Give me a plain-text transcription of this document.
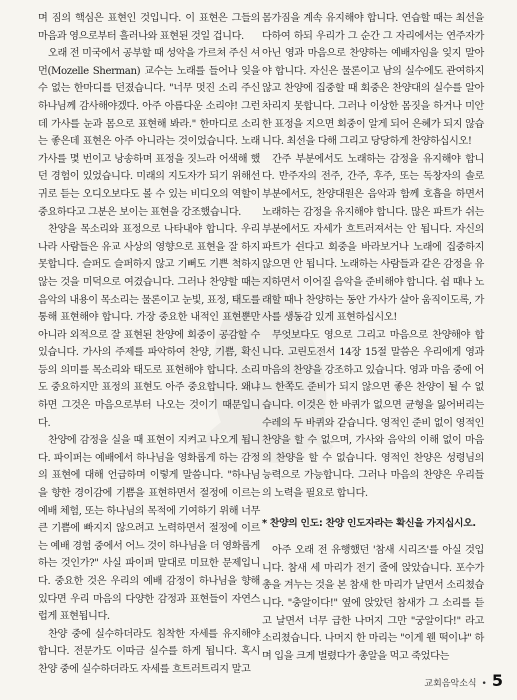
며 짐의 핵심은 표현인 것입니다. 이 표현은 그들의 마음과 영으로부터 흘러나와 표현된 것일 겁니다.

오래 전 미국에서 공부할 때 성악을 가르쳐 주신 셔먼(Mozelle Sherman) 교수는 노래를 들어나 잊을 수 없는 한마디를 던졌습니다. "너무 멋진 소리 주신 하나님께 감사해야겠다. 아주 아름다운 소리야! 그런데 가사를 눈과 몸으로 표현해 봐라." 한마디로 소리는 좋은데 표현은 아주 아니라는 것이었습니다. 노래 가사를 몇 번이고 낭송하며 표정을 짓느라 어색해 했던 경험이 있었습니다. 미래의 지도자가 되기 위해선 귀로 듣는 오디오보다도 볼 수 있는 비디오의 역할이 중요하다고 그분은 보이는 표현을 강조했습니다.

찬양을 목소리와 표정으로 나타내야 합니다. 우리 나라 사람들은 유교 사상의 영향으로 표현을 잘 하지 못합니다. 슬퍼도 슬퍼하지 않고 기뻐도 기쁜 척하지 않는 것을 미덕으로 여겼습니다. 그러나 찬양할 때는 음악의 내용이 목소리는 물론이고 눈빛, 표정, 태도를 통해 표현해야 합니다. 가장 중요한 내적인 표현뿐만 아니라 외적으로 잘 표현된 찬양에 회중이 공감할 수 있습니다. 가사의 주제를 파악하여 찬양, 기쁨, 확신 등의 의미를 목소리와 태도로 표현해야 합니다. 소리도 중요하지만 표정의 표현도 아주 중요합니다. 왜냐하면 그것은 마음으로부터 나오는 것이기 때문입니다.

찬양에 감정을 실을 때 표현이 지켜고 나오게 됩니다. 파이퍼는 예배에서 하나님을 영화롭게 하는 감정의 표현에 대해 언급하며 이렇게 말씀니다. "하나님을 향한 경이감에 기쁨을 표현하면서 절정에 이르는 예배 체험, 또는 하나님의 목적에 기여하기 위해 너무 큰 기쁨에 빠지지 않으려고 노력하면서 절정에 이르는 예배 경험 중에서 어느 것이 하나님을 더 영화롭게 하는 것인가?" 사실 파이퍼 말대로 미묘한 문제입니다. 중요한 것은 우리의 예배 감정이 하나님을 향해 있다면 우리 마음의 다양한 감정과 표현들이 자연스럽게 표현됩니다.

찬양 중에 실수하더라도 침착한 자세를 유지해야 합니다. 전문가도 이따금 실수를 하게 됩니다. 혹시 찬양 중에 실수하더라도 자세를 흐트러트리지 말고

몸가짐을 계속 유지해야 합니다. 연습할 때는 최선을 다하여 하되 우리가 그 순간 그 자리에서는 연주자가 아닌 영과 마음으로 찬양하는 예배자임을 잊지 말아야 합니다. 자신은 물론이고 남의 실수에도 관여하지 않고 찬양에 집중할 때 회중은 찬양대의 실수를 알아차리지 못합니다. 그러나 이상한 몸짓을 하거나 미안한 표정을 지으면 회중이 알게 되어 은혜가 되지 않습니다. 최선을 다해 그리고 당당하게 찬양하십시오!

간주 부분에서도 노래하는 감정을 유지해야 합니다. 반주자의 전주, 간주, 후주, 또는 독창자의 솔로 부분에서도, 찬양대원은 음악과 함께 호흡을 하면서 노래하는 감정을 유지해야 합니다. 많은 파트가 쉬는 부분에서도 자세가 흐트러져서는 안 됩니다. 자신의 파트가 쉰다고 회중을 바라보거나 노래에 집중하지 않으면 안 됩니다. 노래하는 사람들과 같은 감정을 유지하면서 이어질 음악을 준비해야 합니다. 쉼 때나 노래할 때나 찬양하는 동안 가사가 살아 움직이도록, 가사를 생동감 있게 표현하십시오!

무엇보다도 영으로 그리고 마음으로 찬양해야 합니다. 고린도전서 14장 15절 말씀은 우리에게 영과 마음의 찬양을 강조하고 있습니다. 영과 마음 중에 어느 한쪽도 준비가 되지 않으면 좋은 찬양이 될 수 없습니다. 이것은 한 바퀴가 없으면 균형을 잃어버리는 수레의 두 바퀴와 같습니다. 영적인 준비 없이 영적인 찬양을 할 수 없으며, 가사와 음악의 이해 없이 마음의 찬양을 할 수 없습니다. 영적인 찬양은 성령님의 능력으로 가능합니다. 그러나 마음의 찬양은 우리들의 노력을 필요로 합니다.

* 찬양의 인도: 찬양 인도자라는 확신을 가지십시오.

아주 오래 전 유행했던 '참새 시리즈'를 아실 것입니다. 참새 세 마리가 전기 줄에 앉았습니다. 포수가 총을 겨누는 것을 본 참새 한 마리가 날면서 소리쳤습니다. "충알이다!" 옆에 앉았던 참새가 그 소리를 듣고 날면서 너무 급한 나머지 그만 "궁알이다!" 라고 소리쳤습니다. 나머지 한 마리는 "이게 웬 떡이냐" 하며 입을 크게 벌렸다가 총알을 먹고 죽었다는

교회음악소식 • 5
